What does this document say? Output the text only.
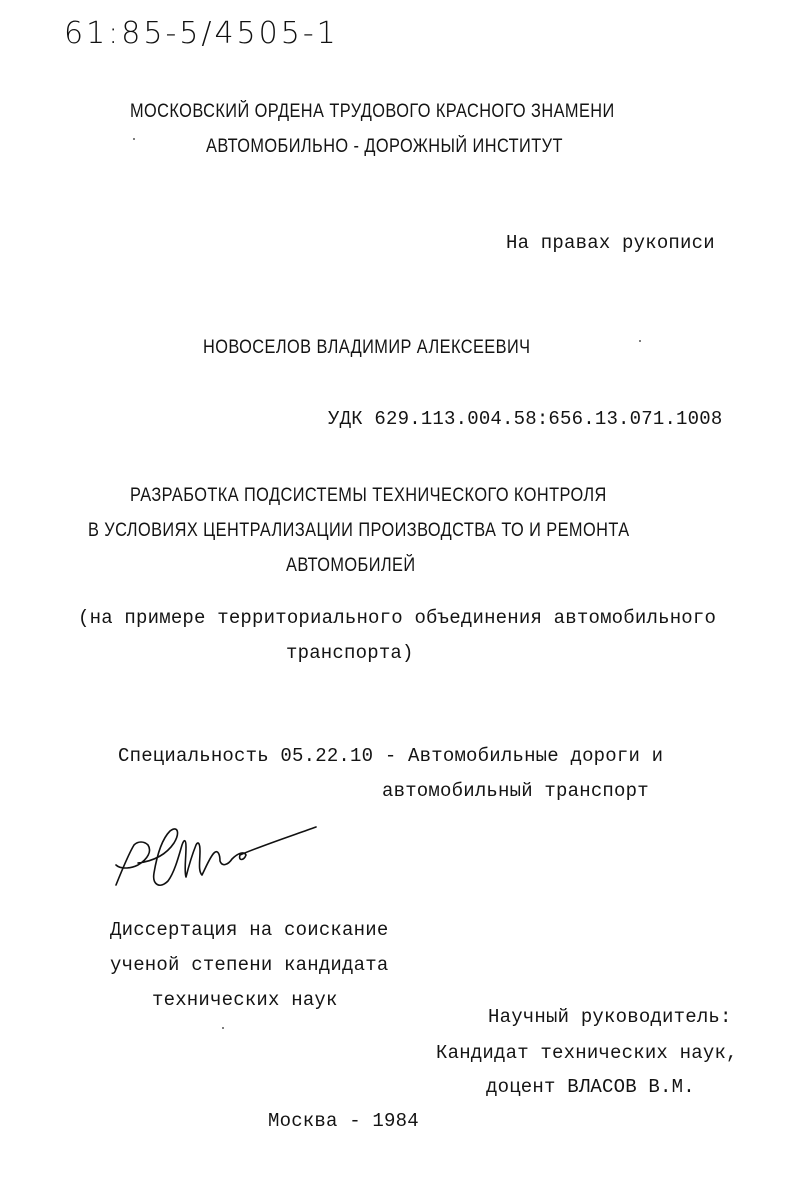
61:85-5/4505-1
МОСКОВСКИЙ ОРДЕНА ТРУДОВОГО КРАСНОГО ЗНАМЕНИ
АВТОМОБИЛЬНО - ДОРОЖНЫЙ ИНСТИТУТ
На правах рукописи
НОВОСЕЛОВ ВЛАДИМИР АЛЕКСЕЕВИЧ
УДК 629.113.004.58:656.13.071.1008
РАЗРАБОТКА ПОДСИСТЕМЫ ТЕХНИЧЕСКОГО КОНТРОЛЯ
В УСЛОВИЯХ ЦЕНТРАЛИЗАЦИИ ПРОИЗВОДСТВА ТО И РЕМОНТА
АВТОМОБИЛЕЙ
(на примере территориального объединения автомобильного
транспорта)
Специальность 05.22.10 - Автомобильные дороги и
автомобильный транспорт
Диссертация на соискание
ученой степени кандидата
технических наук
Научный руководитель:
Кандидат технических наук,
доцент ВЛАСОВ В.М.
Москва - 1984
